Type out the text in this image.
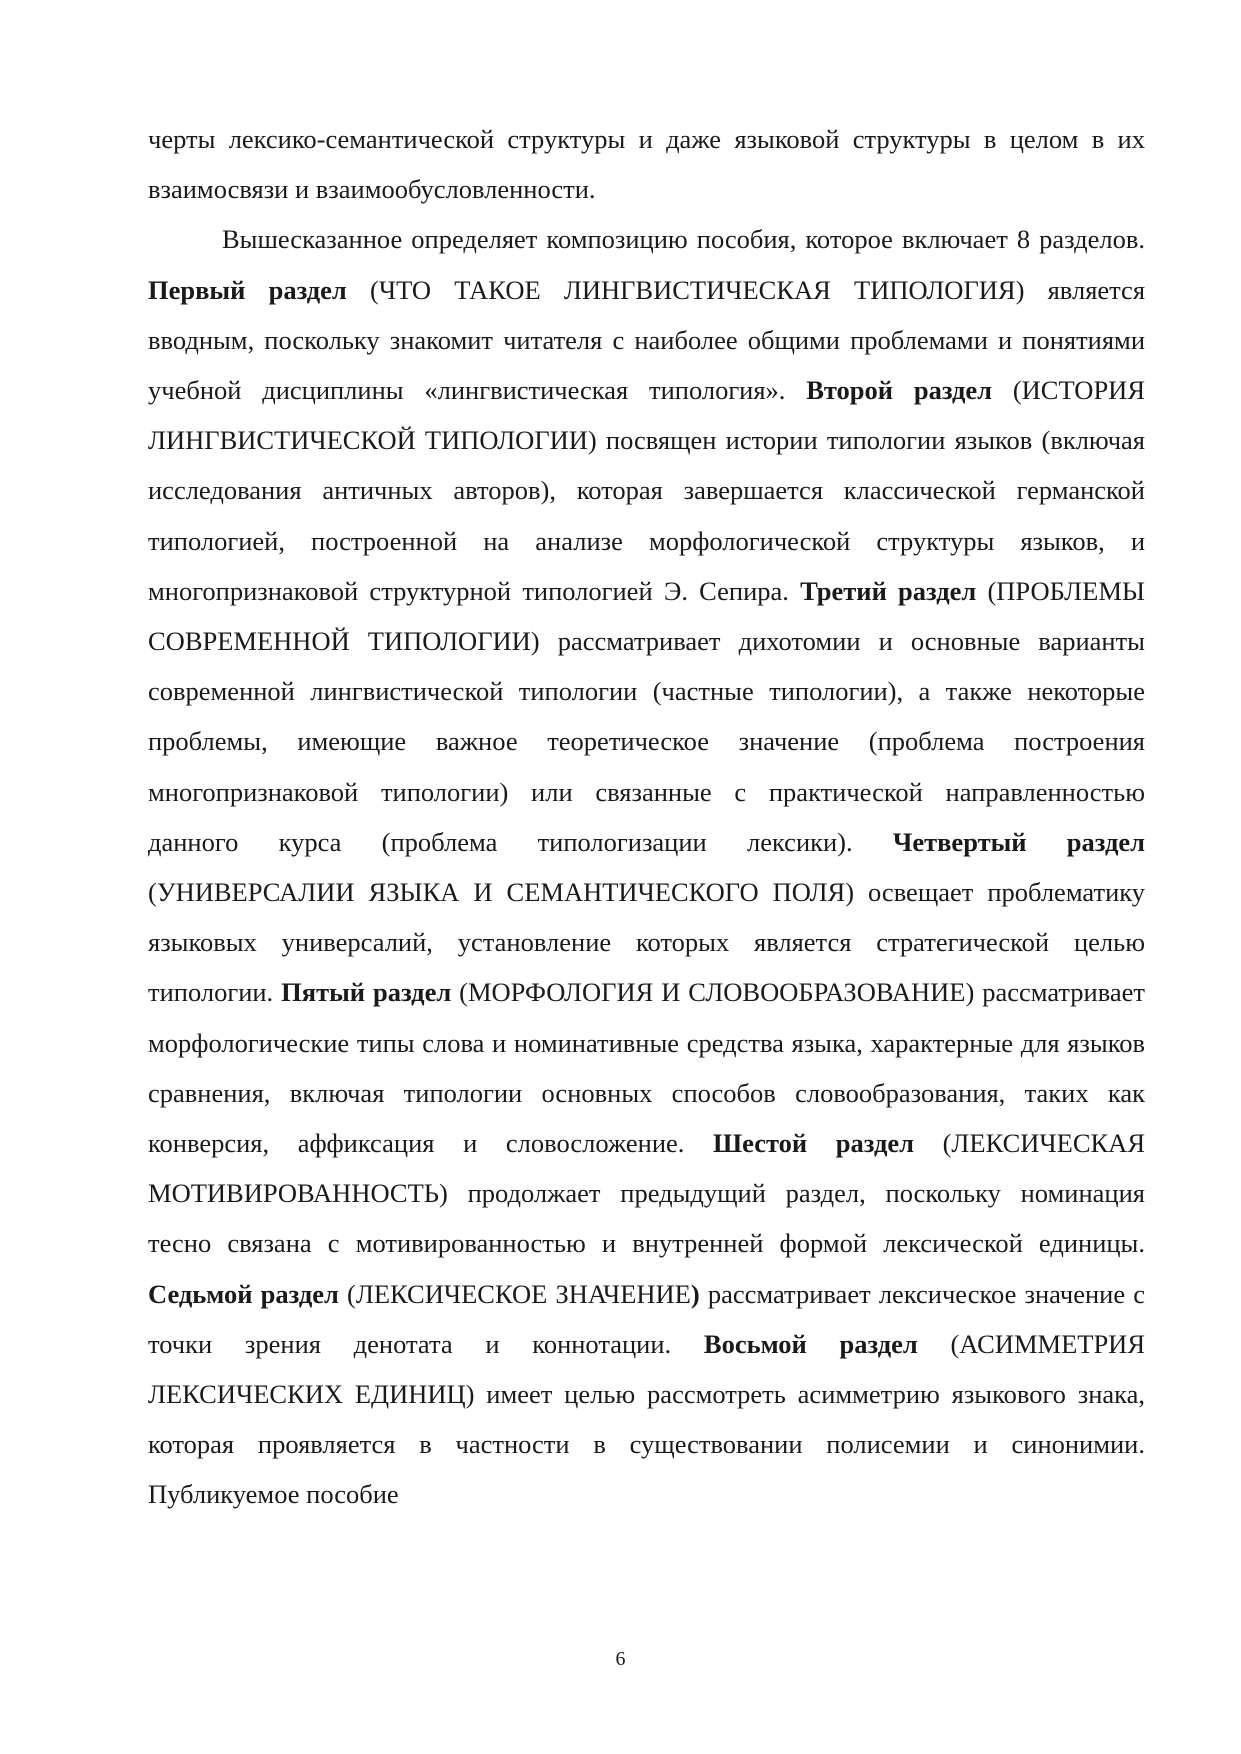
черты лексико-семантической структуры и даже языковой структуры в целом в их взаимосвязи и взаимообусловленности.

Вышесказанное определяет композицию пособия, которое включает 8 разделов. Первый раздел (ЧТО ТАКОЕ ЛИНГВИСТИЧЕСКАЯ ТИПОЛОГИЯ) является вводным, поскольку знакомит читателя с наиболее общими проблемами и понятиями учебной дисциплины «лингвистическая типология». Второй раздел (ИСТОРИЯ ЛИНГВИСТИЧЕСКОЙ ТИПОЛОГИИ) посвящен истории типологии языков (включая исследования античных авторов), которая завершается классической германской типологией, построенной на анализе морфологической структуры языков, и многопризнаковой структурной типологией Э. Сепира. Третий раздел (ПРОБЛЕМЫ СОВРЕМЕННОЙ ТИПОЛОГИИ) рассматривает дихотомии и основные варианты современной лингвистической типологии (частные типологии), а также некоторые проблемы, имеющие важное теоретическое значение (проблема построения многопризнаковой типологии) или связанные с практической направленностью данного курса (проблема типологизации лексики). Четвертый раздел (УНИВЕРСАЛИИ ЯЗЫКА И СЕМАНТИЧЕСКОГО ПОЛЯ) освещает проблематику языковых универсалий, установление которых является стратегической целью типологии. Пятый раздел (МОРФОЛОГИЯ И СЛОВООБРАЗОВАНИЕ) рассматривает морфологические типы слова и номинативные средства языка, характерные для языков сравнения, включая типологии основных способов словообразования, таких как конверсия, аффиксация и словосложение. Шестой раздел (ЛЕКСИЧЕСКАЯ МОТИВИРОВАННОСТЬ) продолжает предыдущий раздел, поскольку номинация тесно связана с мотивированностью и внутренней формой лексической единицы. Седьмой раздел (ЛЕКСИЧЕСКОЕ ЗНАЧЕНИЕ) рассматривает лексическое значение с точки зрения денотата и коннотации. Восьмой раздел (АСИММЕТРИЯ ЛЕКСИЧЕСКИХ ЕДИНИЦ) имеет целью рассмотреть асимметрию языкового знака, которая проявляется в частности в существовании полисемии и синонимии. Публикуемое пособие

6
